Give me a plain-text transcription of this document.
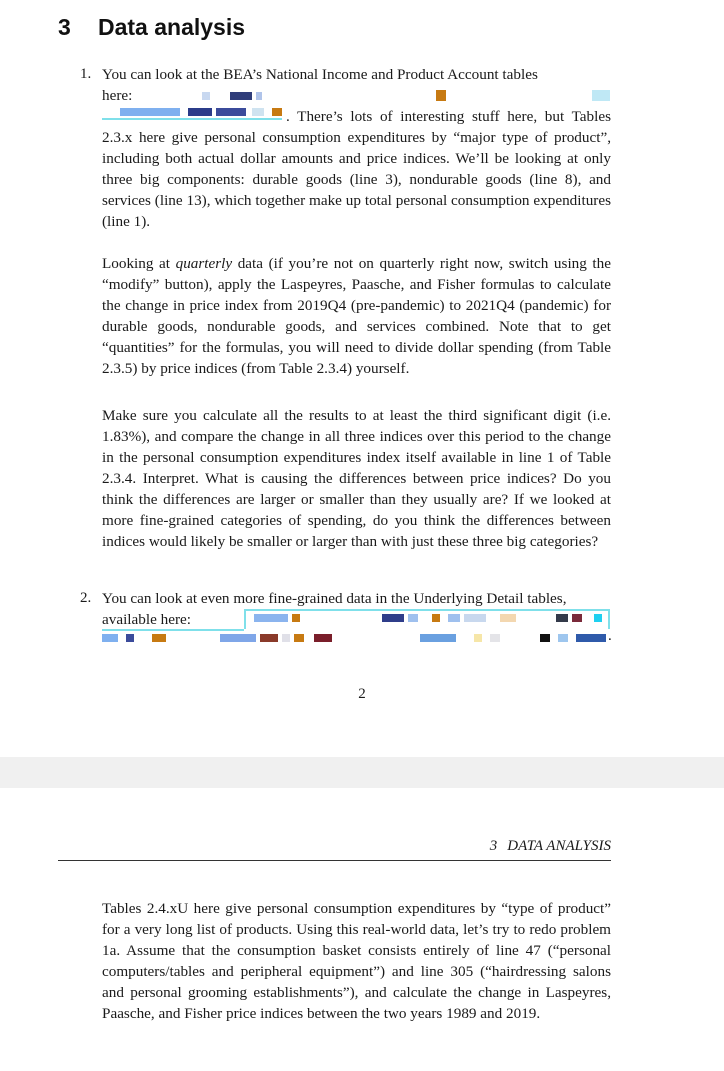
3 Data analysis
1. You can look at the BEA’s National Income and Product Account tables

here:

. There’s lots of interesting stuff here, but Tables 2.3.x here give personal consumption expenditures by “major type of product”, including both actual dollar amounts and price indices. We’ll be looking at only three big components: durable goods (line 3), nondurable goods (line 8), and services (line 13), which together make up total personal consumption expenditures (line 1).

Looking at quarterly data (if you’re not on quarterly right now, switch using the “modify” button), apply the Laspeyres, Paasche, and Fisher formulas to calculate the change in price index from 2019Q4 (pre-pandemic) to 2021Q4 (pandemic) for durable goods, nondurable goods, and services combined. Note that to get “quantities” for the formulas, you will need to divide dollar spending (from Table 2.3.5) by price indices (from Table 2.3.4) yourself.

Make sure you calculate all the results to at least the third significant digit (i.e. 1.83%), and compare the change in all three indices over this period to the change in the personal consumption expenditures index itself available in line 1 of Table 2.3.4. Interpret. What is causing the differences between price indices? Do you think the differences are larger or smaller than they usually are? If we looked at more fine-grained categories of spending, do you think the differences between indices would likely be smaller or larger than with just these three big categories?

2. You can look at even more fine-grained data in the Underlying Detail tables, available here:

.
2
3 DATA ANALYSIS

Tables 2.4.xU here give personal consumption expenditures by “type of product” for a very long list of products. Using this real-world data, let’s try to redo problem 1a. Assume that the consumption basket consists entirely of line 47 (“personal computers/tables and peripheral equipment”) and line 305 (“hairdressing salons and personal grooming establishments”), and calculate the change in Laspeyres, Paasche, and Fisher price indices between the two years 1989 and 2019.
